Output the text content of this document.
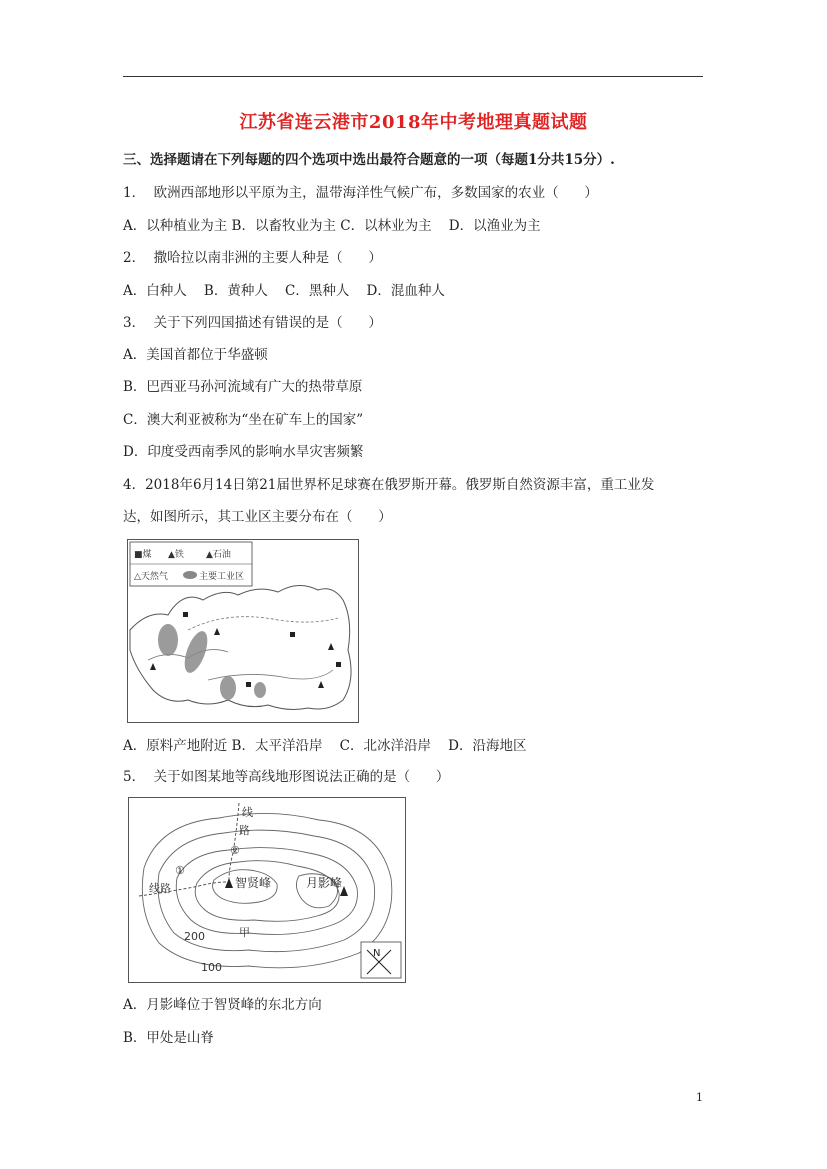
江苏省连云港市2018年中考地理真题试题
三、选择题请在下列每题的四个选项中选出最符合题意的一项（每题1分共15分）.
1．  欧洲西部地形以平原为主，温带海洋性气候广布，多数国家的农业（      ）
A．以种植业为主 B．以畜牧业为主 C．以林业为主    D．以渔业为主
2．  撒哈拉以南非洲的主要人种是（      ）
A．白种人    B．黄种人    C．黑种人    D．混血种人
3．  关于下列四国描述有错误的是（      ）
A．美国首都位于华盛顿
B．巴西亚马孙河流域有广大的热带草原
C．澳大利亚被称为“坐在矿车上的国家”
D．印度受西南季风的影响水旱灾害频繁
4．2018年6月14日第21届世界杯足球赛在俄罗斯开幕。俄罗斯自然资源丰富，重工业发
达，如图所示，其工业区主要分布在（      ）
■煤 ▲铁 ▲石油
△天然气	主要工业区
A．原料产地附近 B．太平洋沿岸    C．北冰洋沿岸    D．沿海地区
5．  关于如图某地等高线地形图说法正确的是（      ）
线
路
②
①
线路	智贤峰	月影峰
200
100
甲
N
A．月影峰位于智贤峰的东北方向
B．甲处是山脊
1
